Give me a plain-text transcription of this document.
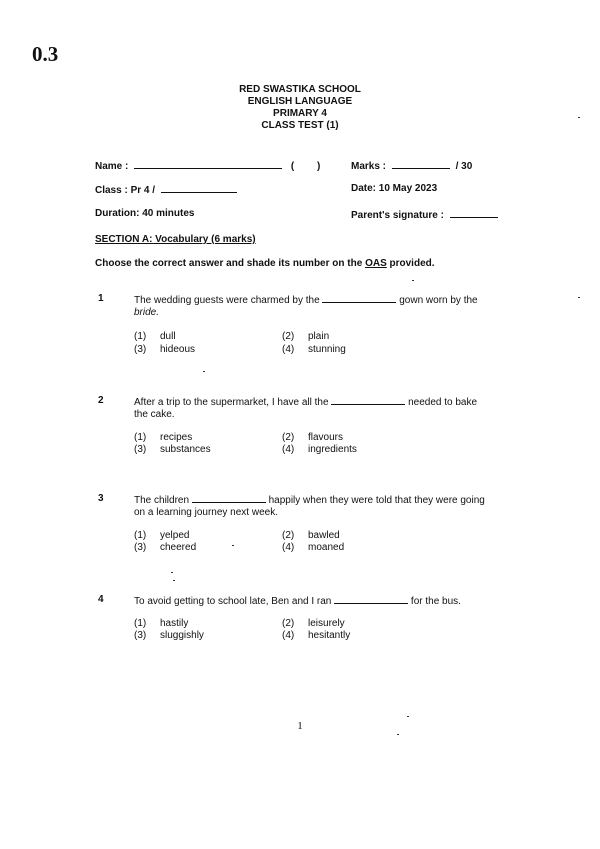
0.3
RED SWASTIKA SCHOOL
ENGLISH LANGUAGE
PRIMARY 4
CLASS TEST (1)
Name :	( )	Marks :	/ 30
Class : Pr 4 /	Date: 10 May 2023
Duration: 40 minutes	Parent's signature :
SECTION A: Vocabulary (6 marks)
Choose the correct answer and shade its number on the OAS provided.
1	The wedding guests were charmed by the	gown worn by the
bride.
(1) dull	(2) plain
(3) hideous	(4) stunning
2	After a trip to the supermarket, I have all the	needed to bake
the cake.
(1) recipes	(2) flavours
(3) substances	(4) ingredients
3	The children	happily when they were told that they were going
on a learning journey next week.
(1) yelped	(2) bawled
(3) cheered	(4) moaned
4	To avoid getting to school late, Ben and I ran	for the bus.
(1) hastily	(2) leisurely
(3) sluggishly	(4) hesitantly
1
